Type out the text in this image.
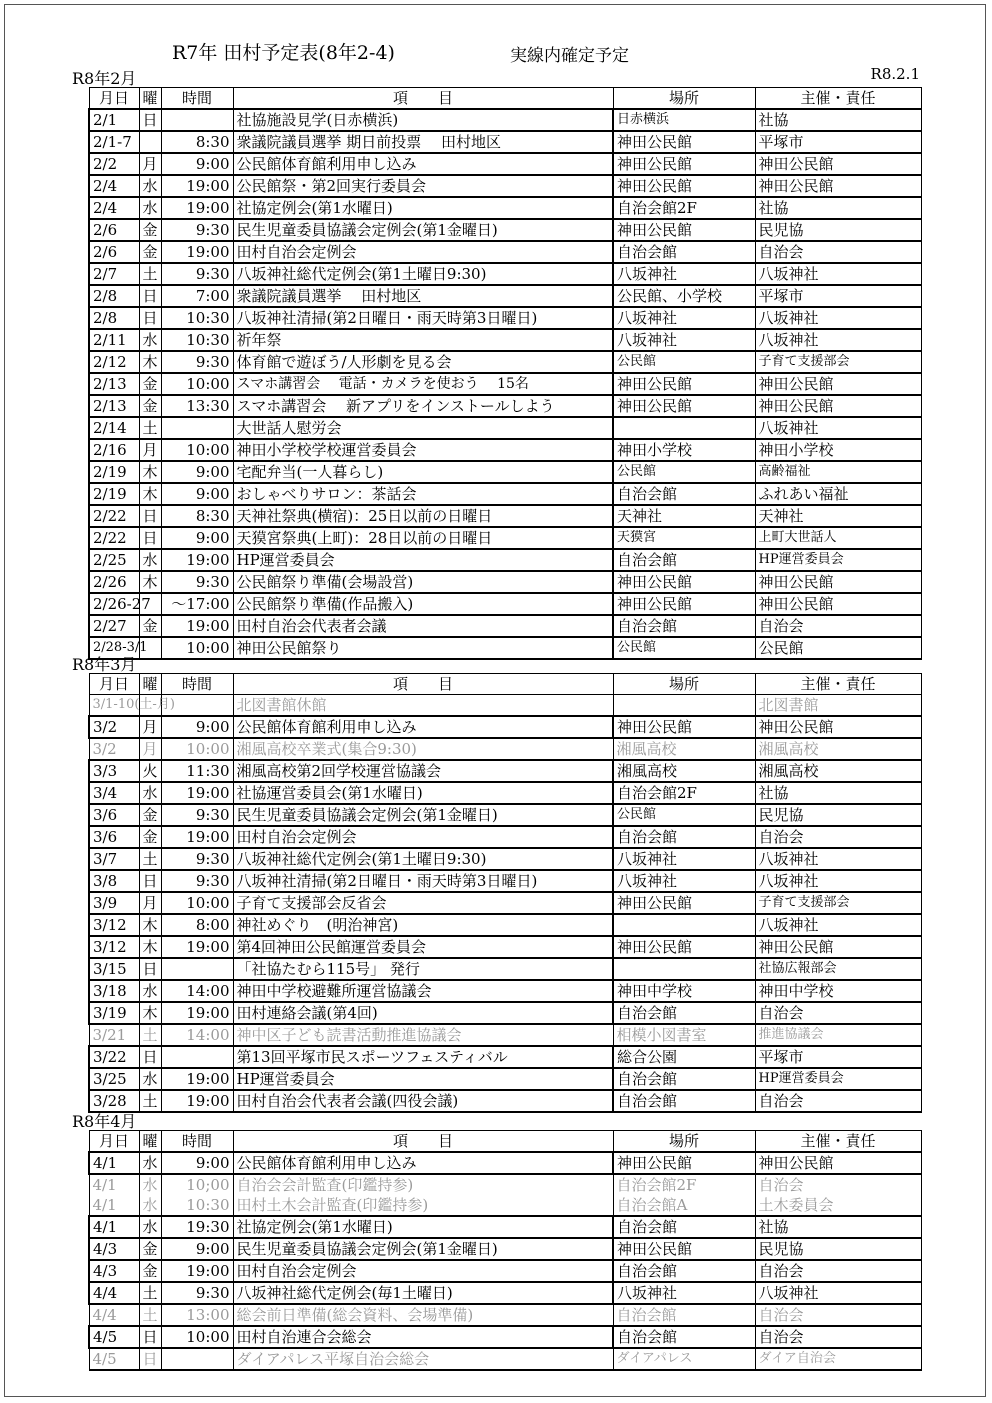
R7年 田村予定表(8年2-4)	実線内確定予定
R8.2.1
R8年2月
月日	曜	時間	項　　目	場所	主催・責任
2/1	日		社協施設見学(日赤横浜)	日赤横浜	社協
2/1-7		8:30	衆議院議員選挙 期日前投票　 田村地区	神田公民館	平塚市
2/2	月	9:00	公民館体育館利用申し込み	神田公民館	神田公民館
2/4	水	19:00	公民館祭・第2回実行委員会	神田公民館	神田公民館
2/4	水	19:00	社協定例会(第1水曜日)	自治会館2F	社協
2/6	金	9:30	民生児童委員協議会定例会(第1金曜日)	神田公民館	民児協
2/6	金	19:00	田村自治会定例会	自治会館	自治会
2/7	土	9:30	八坂神社総代定例会(第1土曜日9:30)	八坂神社	八坂神社
2/8	日	7:00	衆議院議員選挙　 田村地区	公民館、小学校	平塚市
2/8	日	10:30	八坂神社清掃(第2日曜日・雨天時第3日曜日)	八坂神社	八坂神社
2/11	水	10:30	祈年祭	八坂神社	八坂神社
2/12	木	9:30	体育館で遊ぼう/人形劇を見る会	公民館	子育て支援部会
2/13	金	10:00	スマホ講習会　 電話・カメラを使おう　 15名	神田公民館	神田公民館
2/13	金	13:30	スマホ講習会　 新アプリをインストールしよう	神田公民館	神田公民館
2/14	土		大世話人慰労会		八坂神社
2/16	月	10:00	神田小学校学校運営委員会	神田小学校	神田小学校
2/19	木	9:00	宅配弁当(一人暮らし)	公民館	高齢福祉
2/19	木	9:00	おしゃべりサロン：茶話会	自治会館	ふれあい福祉
2/22	日	8:30	天神社祭典(横宿)：25日以前の日曜日	天神社	天神社
2/22	日	9:00	天獏宮祭典(上町)：28日以前の日曜日	天獏宮	上町大世話人
2/25	水	19:00	HP運営委員会	自治会館	HP運営委員会
2/26	木	9:30	公民館祭り準備(会場設営)	神田公民館	神田公民館
2/26-27		～17:00	公民館祭り準備(作品搬入)	神田公民館	神田公民館
2/27	金	19:00	田村自治会代表者会議	自治会館	自治会
2/28-3/1		10:00	神田公民館祭り	公民館	公民館
R8年3月
月日	曜	時間	項　　目	場所	主催・責任
3/1-10(土-月)			北図書館休館		北図書館
3/2	月	9:00	公民館体育館利用申し込み	神田公民館	神田公民館
3/2	月	10:00	湘風高校卒業式(集合9:30)	湘風高校	湘風高校
3/3	火	11:30	湘風高校第2回学校運営協議会	湘風高校	湘風高校
3/4	水	19:00	社協運営委員会(第1水曜日)	自治会館2F	社協
3/6	金	9:30	民生児童委員協議会定例会(第1金曜日)	公民館	民児協
3/6	金	19:00	田村自治会定例会	自治会館	自治会
3/7	土	9:30	八坂神社総代定例会(第1土曜日9:30)	八坂神社	八坂神社
3/8	日	9:30	八坂神社清掃(第2日曜日・雨天時第3日曜日)	八坂神社	八坂神社
3/9	月	10:00	子育て支援部会反省会	神田公民館	子育て支援部会
3/12	木	8:00	神社めぐり　(明治神宮)		八坂神社
3/12	木	19:00	第4回神田公民館運営委員会	神田公民館	神田公民館
3/15	日		「社協たむら115号」 発行		社協広報部会
3/18	水	14:00	神田中学校避難所運営協議会	神田中学校	神田中学校
3/19	木	19:00	田村連絡会議(第4回)	自治会館	自治会
3/21	土	14:00	神中区子ども読書活動推進協議会	相模小図書室	推進協議会
3/22	日		第13回平塚市民スポーツフェスティバル	総合公園	平塚市
3/25	水	19:00	HP運営委員会	自治会館	HP運営委員会
3/28	土	19:00	田村自治会代表者会議(四役会議)	自治会館	自治会
R8年4月
月日	曜	時間	項　　目	場所	主催・責任
4/1	水	9:00	公民館体育館利用申し込み	神田公民館	神田公民館
4/1	水	10;00	自治会会計監査(印鑑持参)	自治会館2F	自治会
4/1	水	10:30	田村土木会計監査(印鑑持参)	自治会館A	土木委員会
4/1	水	19:30	社協定例会(第1水曜日)	自治会館	社協
4/3	金	9:00	民生児童委員協議会定例会(第1金曜日)	神田公民館	民児協
4/3	金	19:00	田村自治会定例会	自治会館	自治会
4/4	土	9:30	八坂神社総代定例会(毎1土曜日)	八坂神社	八坂神社
4/4	土	13:00	総会前日準備(総会資料、会場準備)	自治会館	自治会
4/5	日	10:00	田村自治連合会総会	自治会館	自治会
4/5	日		ダイアパレス平塚自治会総会	ダイアパレス	ダイア自治会
